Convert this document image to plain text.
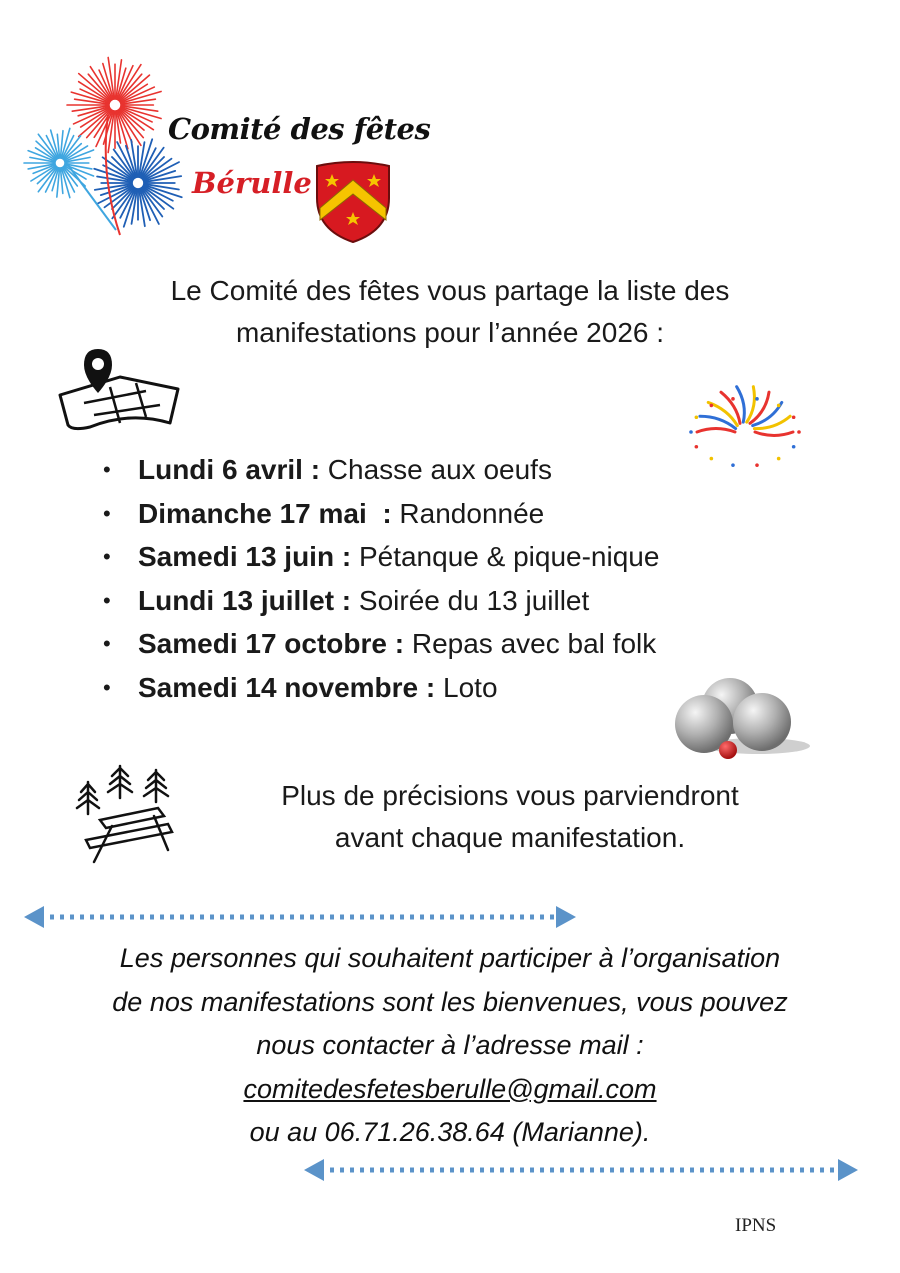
Comité des fêtes
Bérulle
Le Comité des fêtes vous partage la liste des
manifestations pour l’année 2026 :
• Lundi 6 avril : Chasse aux oeufs
• Dimanche 17 mai  : Randonnée
• Samedi 13 juin : Pétanque & pique-nique
• Lundi 13 juillet : Soirée du 13 juillet
• Samedi 17 octobre : Repas avec bal folk
• Samedi 14 novembre : Loto
Plus de précisions vous parviendront
avant chaque manifestation.
Les personnes qui souhaitent participer à l’organisation
de nos manifestations sont les bienvenues, vous pouvez
nous contacter à l’adresse mail :
comitedesfetesberulle@gmail.com
ou au 06.71.26.38.64 (Marianne).
IPNS
